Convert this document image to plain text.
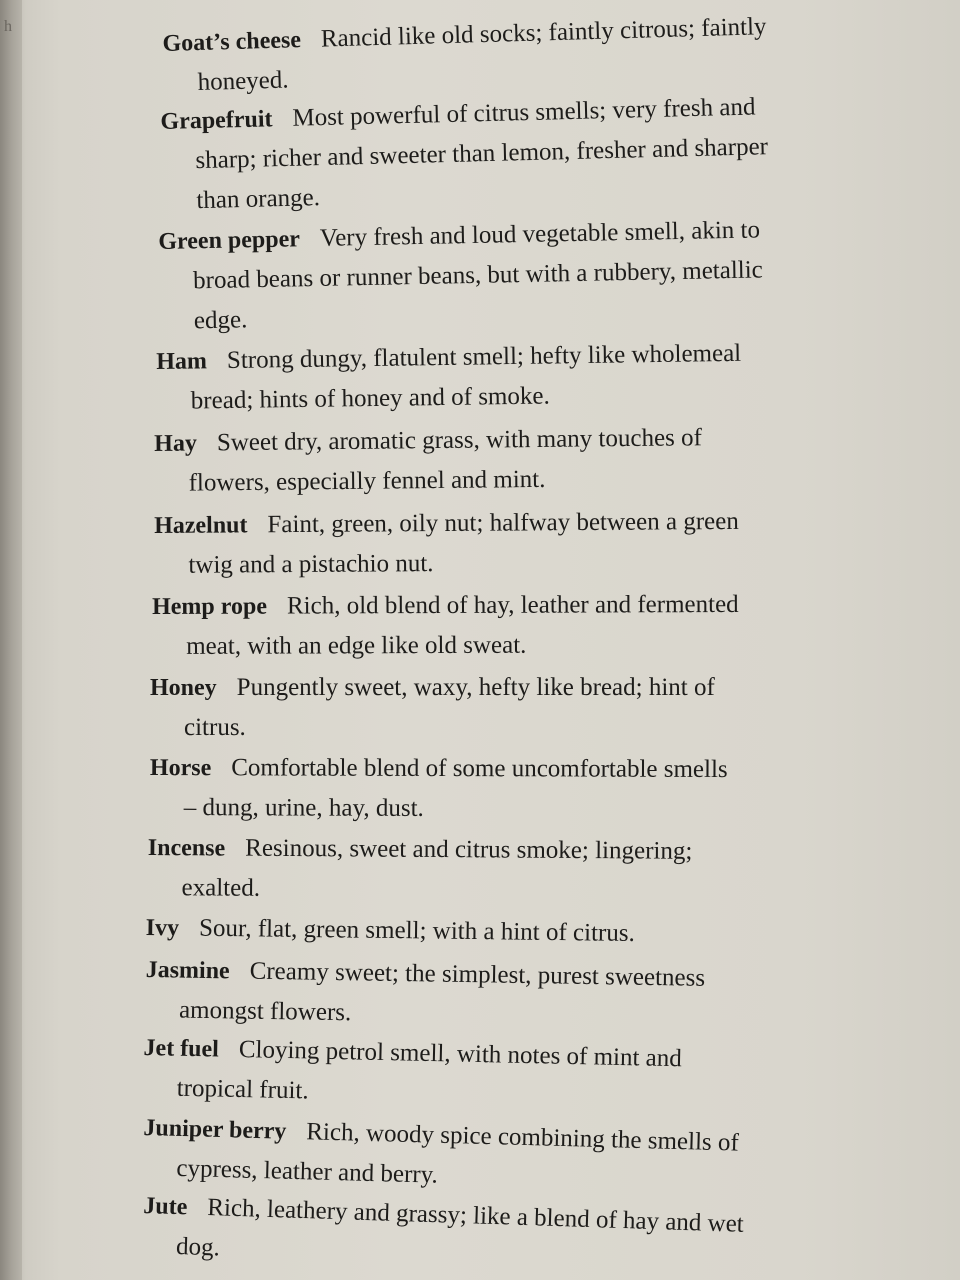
h
Goat’s cheese Rancid like old socks; faintly citrous; faintly
honeyed.
Grapefruit Most powerful of citrus smells; very fresh and
sharp; richer and sweeter than lemon, fresher and sharper
than orange.
Green pepper Very fresh and loud vegetable smell, akin to
broad beans or runner beans, but with a rubbery, metallic
edge.
Ham Strong dungy, flatulent smell; hefty like wholemeal
bread; hints of honey and of smoke.
Hay Sweet dry, aromatic grass, with many touches of
flowers, especially fennel and mint.
Hazelnut Faint, green, oily nut; halfway between a green
twig and a pistachio nut.
Hemp rope Rich, old blend of hay, leather and fermented
meat, with an edge like old sweat.
Honey Pungently sweet, waxy, hefty like bread; hint of
citrus.
Horse Comfortable blend of some uncomfortable smells
– dung, urine, hay, dust.
Incense Resinous, sweet and citrus smoke; lingering;
exalted.
Ivy Sour, flat, green smell; with a hint of citrus.
Jasmine Creamy sweet; the simplest, purest sweetness
amongst flowers.
Jet fuel Cloying petrol smell, with notes of mint and
tropical fruit.
Juniper berry Rich, woody spice combining the smells of
cypress, leather and berry.
Jute Rich, leathery and grassy; like a blend of hay and wet
dog.
